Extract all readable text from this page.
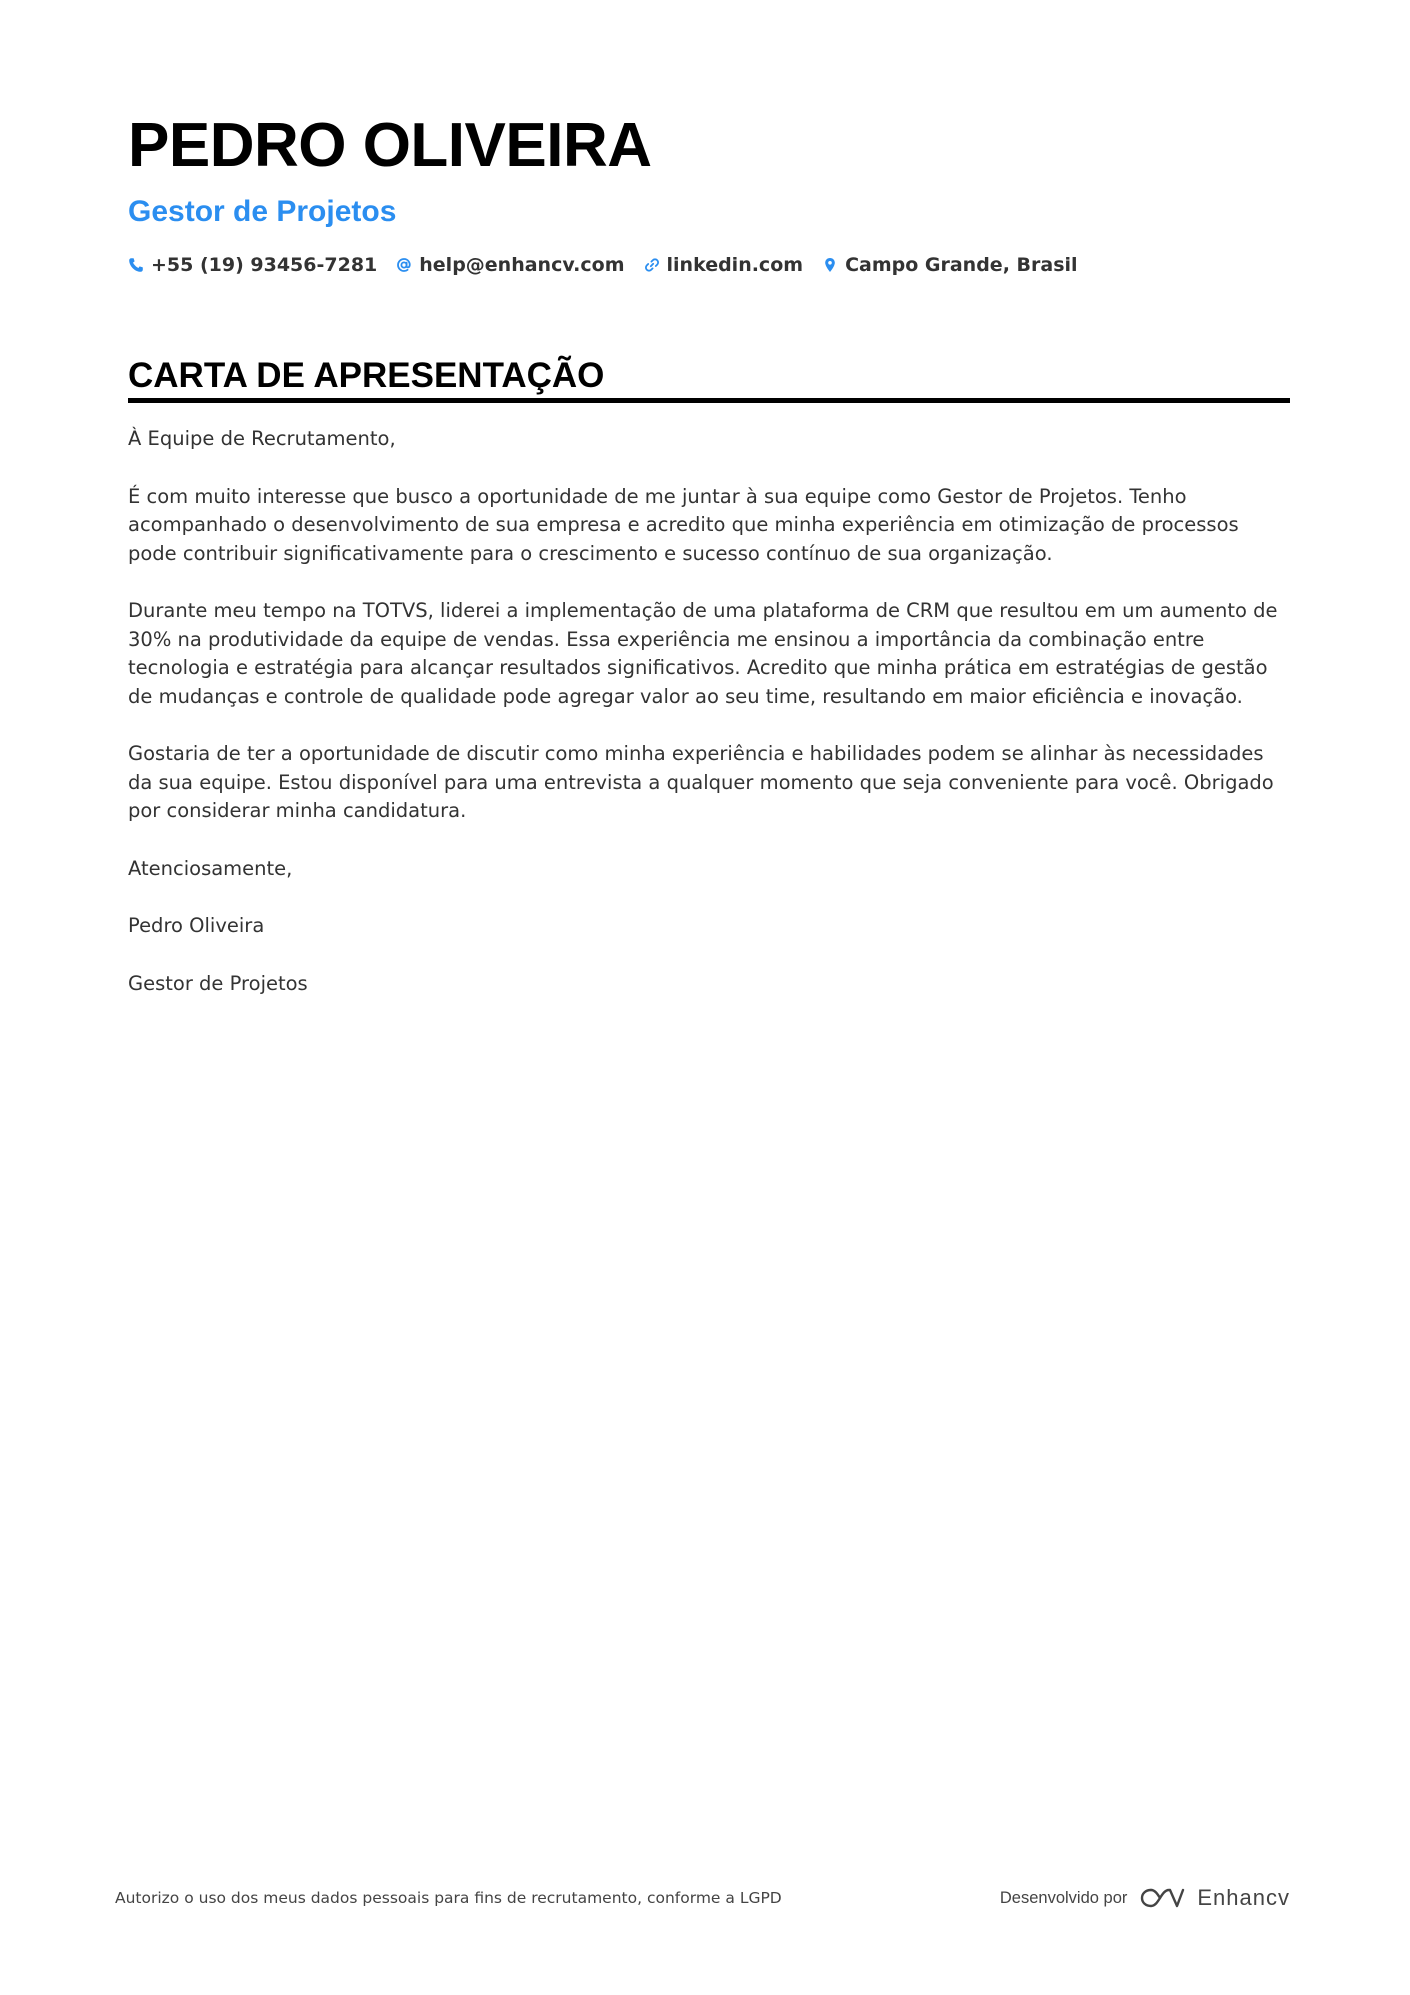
PEDRO OLIVEIRA
Gestor de Projetos
+55 (19) 93456-7281 help@enhancv.com linkedin.com Campo Grande, Brasil
CARTA DE APRESENTAÇÃO

À Equipe de Recrutamento,

É com muito interesse que busco a oportunidade de me juntar à sua equipe como Gestor de Projetos. Tenho acompanhado o desenvolvimento de sua empresa e acredito que minha experiência em otimização de processos pode contribuir significativamente para o crescimento e sucesso contínuo de sua organização.

Durante meu tempo na TOTVS, liderei a implementação de uma plataforma de CRM que resultou em um aumento de 30% na produtividade da equipe de vendas. Essa experiência me ensinou a importância da combinação entre tecnologia e estratégia para alcançar resultados significativos. Acredito que minha prática em estratégias de gestão de mudanças e controle de qualidade pode agregar valor ao seu time, resultando em maior eficiência e inovação.

Gostaria de ter a oportunidade de discutir como minha experiência e habilidades podem se alinhar às necessidades da sua equipe. Estou disponível para uma entrevista a qualquer momento que seja conveniente para você. Obrigado por considerar minha candidatura.

Atenciosamente,

Pedro Oliveira

Gestor de Projetos

Autorizo o uso dos meus dados pessoais para fins de recrutamento, conforme a LGPD	Desenvolvido por	Enhancv
